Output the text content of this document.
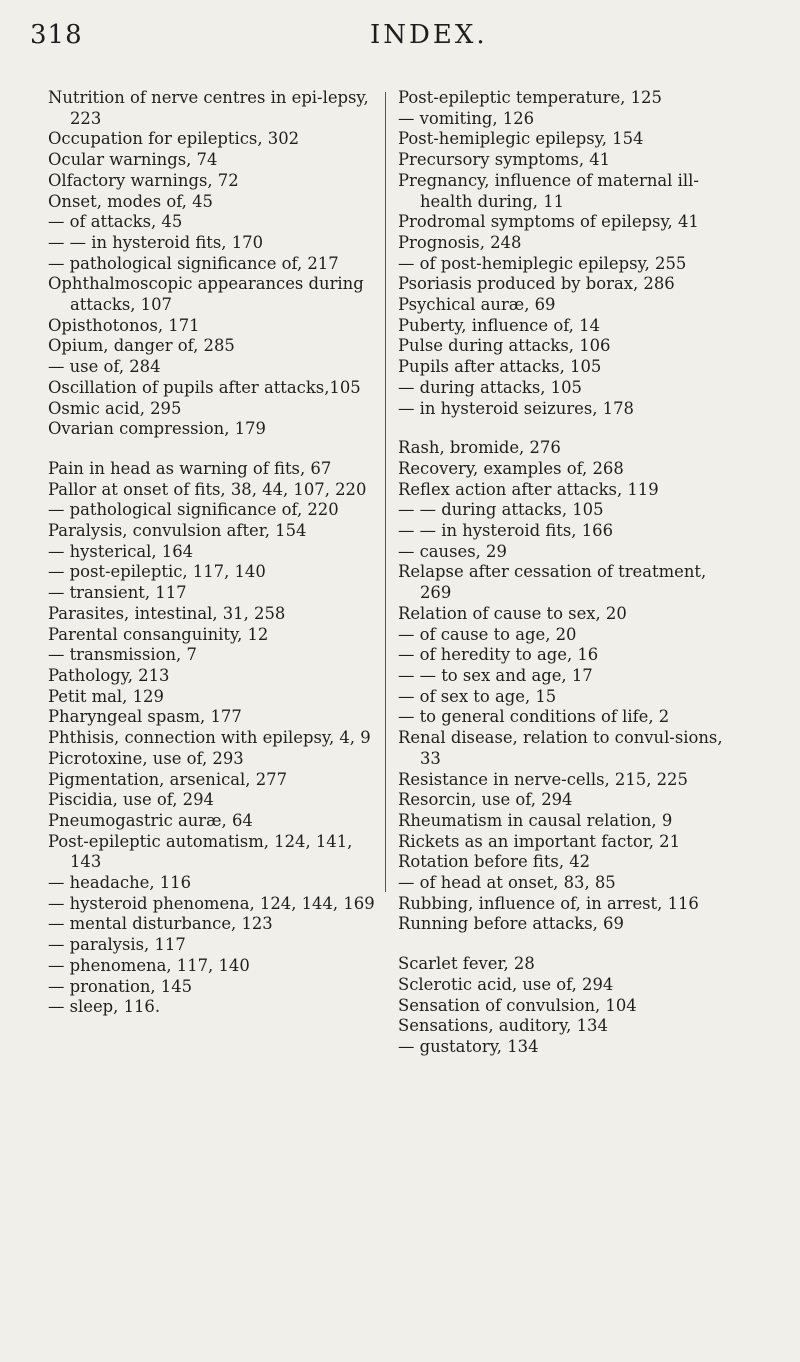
318	INDEX.
Nutrition of nerve centres in epi-lepsy, 223
Occupation for epileptics, 302
Ocular warnings, 74
Olfactory warnings, 72
Onset, modes of, 45
— of attacks, 45
— — in hysteroid fits, 170
— pathological significance of, 217
Ophthalmoscopic appearances during attacks, 107
Opisthotonos, 171
Opium, danger of, 285
— use of, 284
Oscillation of pupils after attacks,105
Osmic acid, 295
Ovarian compression, 179
Pain in head as warning of fits, 67
Pallor at onset of fits, 38, 44, 107, 220
— pathological significance of, 220
Paralysis, convulsion after, 154
— hysterical, 164
— post-epileptic, 117, 140
— transient, 117
Parasites, intestinal, 31, 258
Parental consanguinity, 12
— transmission, 7
Pathology, 213
Petit mal, 129
Pharyngeal spasm, 177
Phthisis, connection with epilepsy, 4, 9
Picrotoxine, use of, 293
Pigmentation, arsenical, 277
Piscidia, use of, 294
Pneumogastric auræ, 64
Post-epileptic automatism, 124, 141, 143
— headache, 116
— hysteroid phenomena, 124, 144, 169
— mental disturbance, 123
— paralysis, 117
— phenomena, 117, 140
— pronation, 145
— sleep, 116.
Post-epileptic temperature, 125
— vomiting, 126
Post-hemiplegic epilepsy, 154
Precursory symptoms, 41
Pregnancy, influence of maternal ill-health during, 11
Prodromal symptoms of epilepsy, 41
Prognosis, 248
— of post-hemiplegic epilepsy, 255
Psoriasis produced by borax, 286
Psychical auræ, 69
Puberty, influence of, 14
Pulse during attacks, 106
Pupils after attacks, 105
— during attacks, 105
— in hysteroid seizures, 178
Rash, bromide, 276
Recovery, examples of, 268
Reflex action after attacks, 119
— — during attacks, 105
— — in hysteroid fits, 166
— causes, 29
Relapse after cessation of treatment, 269
Relation of cause to sex, 20
— of cause to age, 20
— of heredity to age, 16
— — to sex and age, 17
— of sex to age, 15
— to general conditions of life, 2
Renal disease, relation to convul-sions, 33
Resistance in nerve-cells, 215, 225
Resorcin, use of, 294
Rheumatism in causal relation, 9
Rickets as an important factor, 21
Rotation before fits, 42
— of head at onset, 83, 85
Rubbing, influence of, in arrest, 116
Running before attacks, 69
Scarlet fever, 28
Sclerotic acid, use of, 294
Sensation of convulsion, 104
Sensations, auditory, 134
— gustatory, 134
